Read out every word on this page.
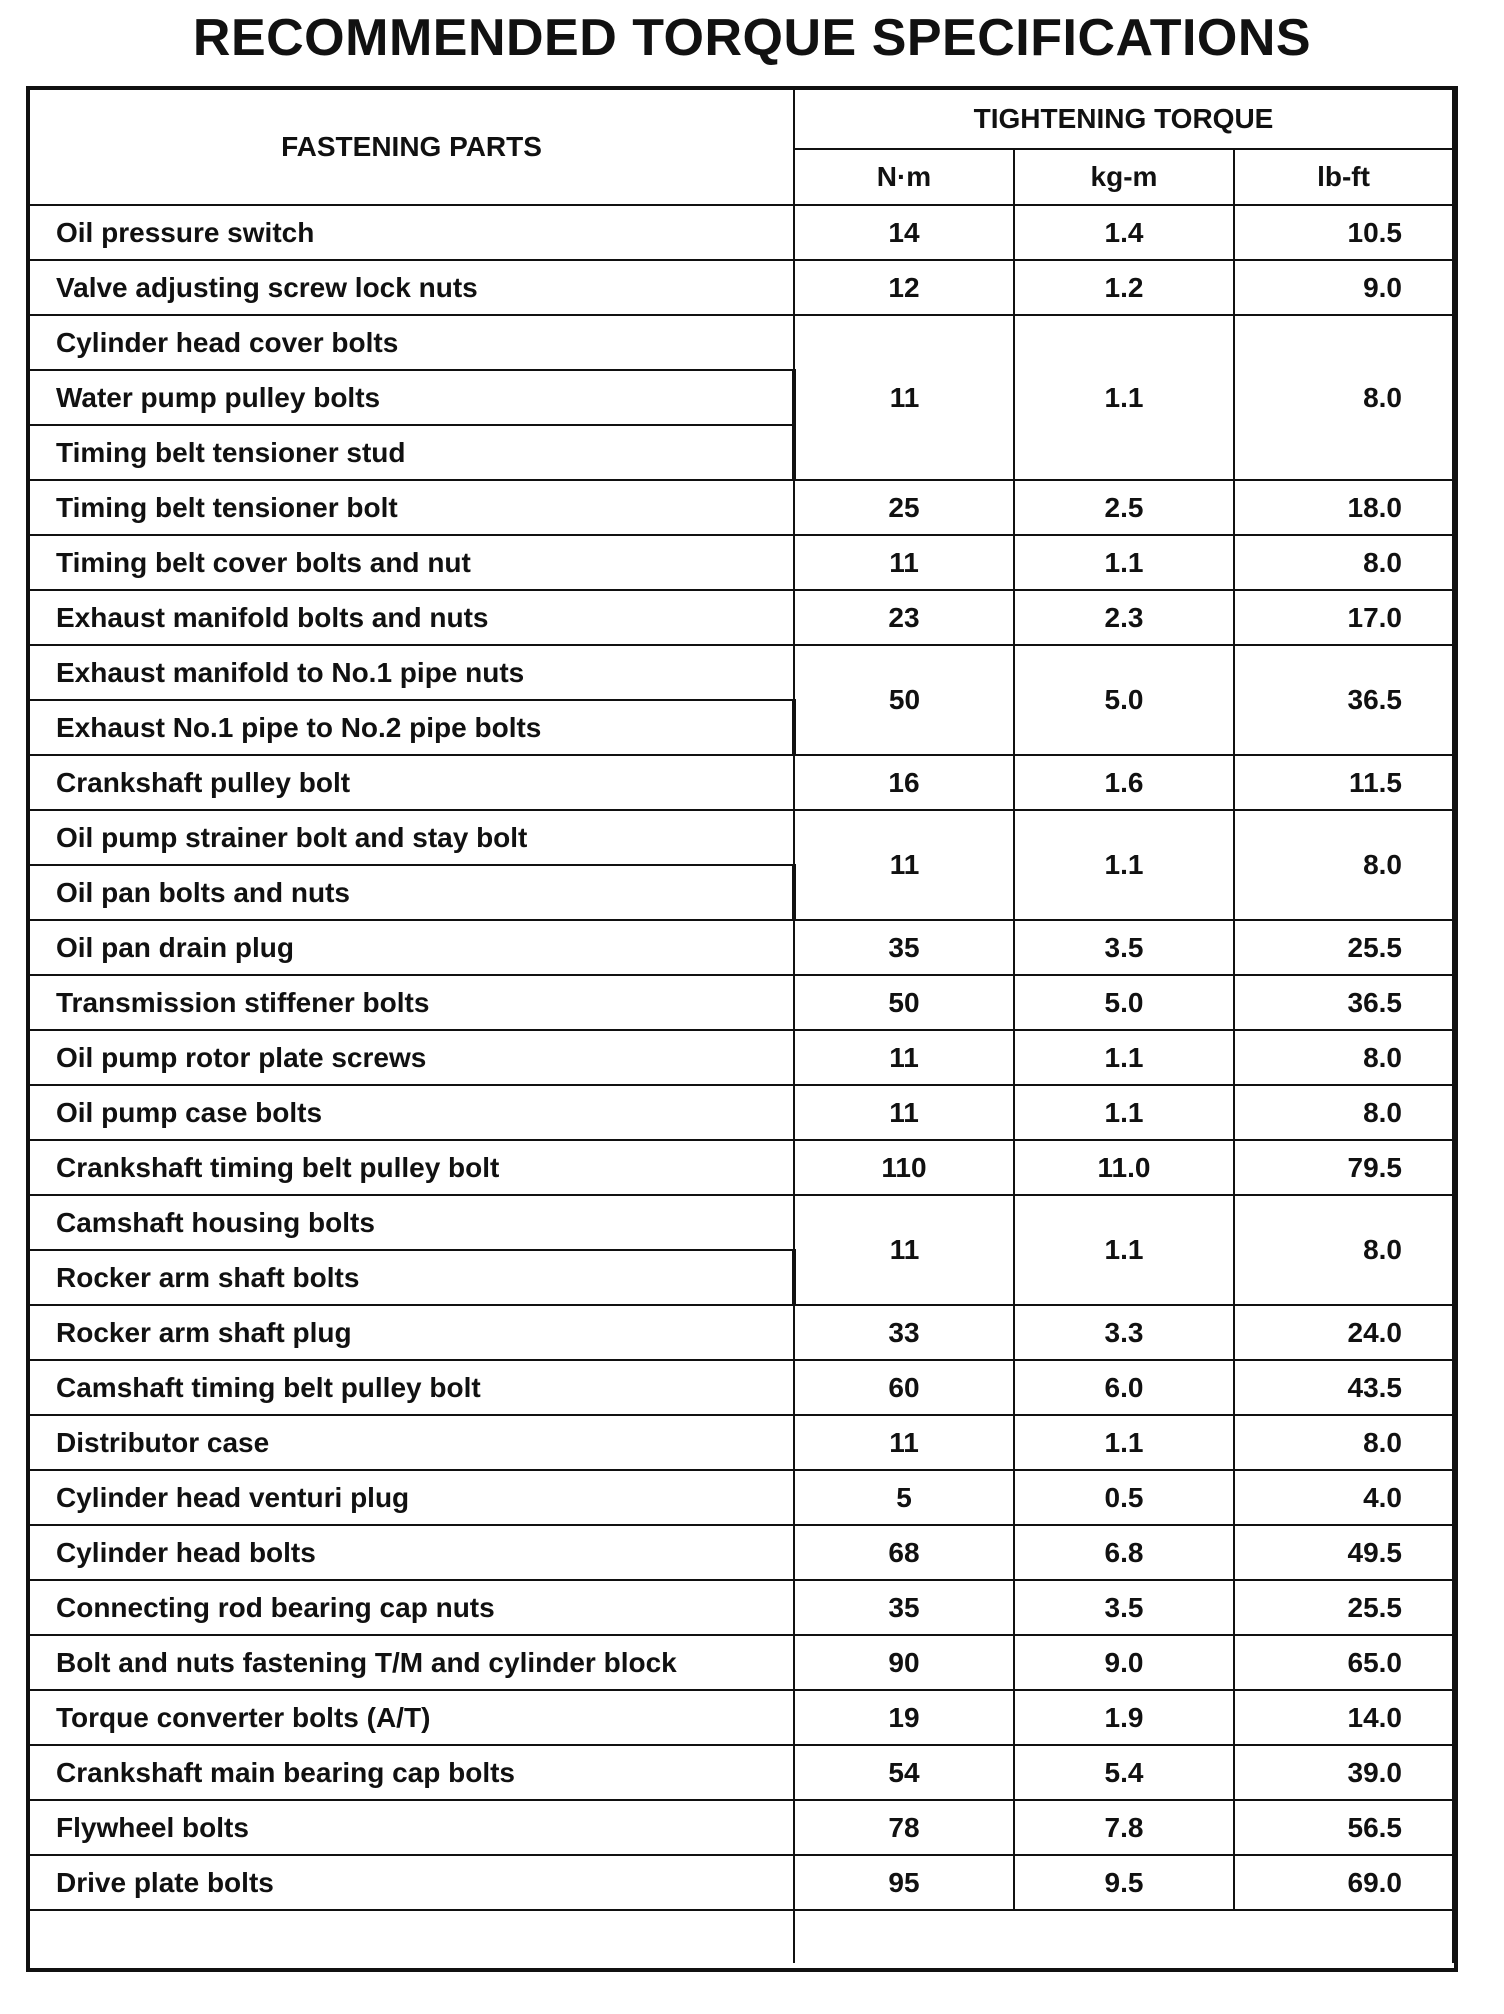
RECOMMENDED TORQUE SPECIFICATIONS
FASTENING PARTS	TIGHTENING TORQUE		
	N·m	kg-m	lb-ft
Oil pressure switch	14	1.4	10.5
Valve adjusting screw lock nuts	12	1.2	9.0
Cylinder head cover bolts	11	1.1	8.0
Water pump pulley bolts			
Timing belt tensioner stud			
Timing belt tensioner bolt	25	2.5	18.0
Timing belt cover bolts and nut	11	1.1	8.0
Exhaust manifold bolts and nuts	23	2.3	17.0
Exhaust manifold to No.1 pipe nuts	50	5.0	36.5
Exhaust No.1 pipe to No.2 pipe bolts			
Crankshaft pulley bolt	16	1.6	11.5
Oil pump strainer bolt and stay bolt	11	1.1	8.0
Oil pan bolts and nuts			
Oil pan drain plug	35	3.5	25.5
Transmission stiffener bolts	50	5.0	36.5
Oil pump rotor plate screws	11	1.1	8.0
Oil pump case bolts	11	1.1	8.0
Crankshaft timing belt pulley bolt	110	11.0	79.5
Camshaft housing bolts	11	1.1	8.0
Rocker arm shaft bolts			
Rocker arm shaft plug	33	3.3	24.0
Camshaft timing belt pulley bolt	60	6.0	43.5
Distributor case	11	1.1	8.0
Cylinder head venturi plug	5	0.5	4.0
Cylinder head bolts	68	6.8	49.5
Connecting rod bearing cap nuts	35	3.5	25.5
Bolt and nuts fastening T/M and cylinder block	90	9.0	65.0
Torque converter bolts (A/T)	19	1.9	14.0
Crankshaft main bearing cap bolts	54	5.4	39.0
Flywheel bolts	78	7.8	56.5
Drive plate bolts	95	9.5	69.0
